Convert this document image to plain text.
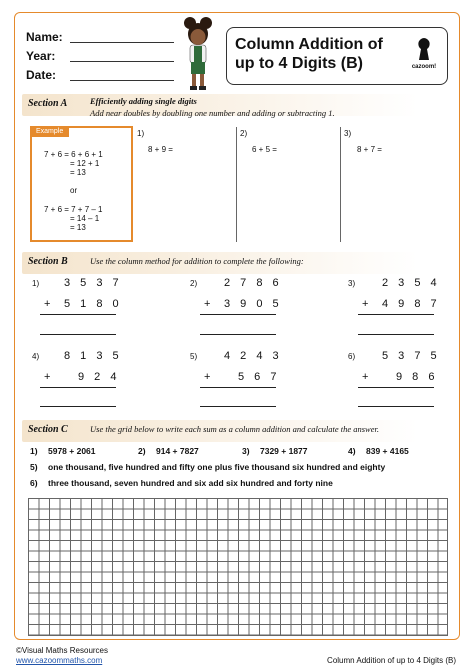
Name:
Year:
Date:
Column Addition of
up to 4 Digits (B)	cazoom!
Section A	Efficiently adding single digits
Add near doubles by doubling one number and adding or subtracting 1.
Example
7 + 6 = 6 + 6 + 1
= 12 + 1
= 13
or
7 + 6 = 7 + 7 – 1
= 14 – 1
= 13
1)
8 + 9 =
2)
6 + 5 =
3)
8 + 7 =
Section B	Use the column method for addition to complete the following:
1) 3 5 3 7
+ 5 1 8 0
2) 2 7 8 6
+ 3 9 0 5
3) 2 3 5 4
+ 4 9 8 7
4) 8 1 3 5
+	9 2 4
5) 4 2 4 3
+	5 6 7
6) 5 3 7 5
+	9 8 6
Section C	Use the grid below to write each sum as a column addition and calculate the answer.
1) 5978 + 2061	2) 914 + 7827	3) 7329 + 1877	4) 839 + 4165
5) one thousand, five hundred and fifty one plus five thousand six hundred and eighty
6) three thousand, seven hundred and six add six hundred and forty nine
©Visual Maths Resources
www.cazoommaths.com	Column Addition of up to 4 Digits (B)
